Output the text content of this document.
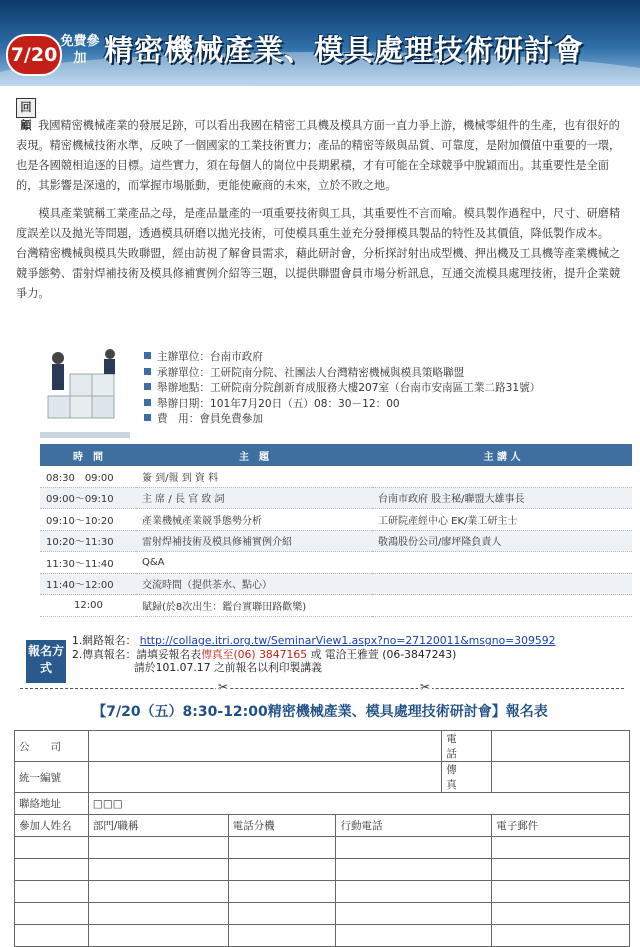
7/20
免費參加 精密機械產業、模具處理技術研討會

回顧 我國精密機械產業的發展足跡，可以看出我國在精密工具機及模具方面一直力爭上游，機械零組件的生產，也有很好的表現。精密機械技術水準，反映了一個國家的工業技術實力；產品的精密等級與品質、可靠度，是附加價值中重要的一環，也是各國競相追逐的目標。這些實力，須在每個人的崗位中長期累積，才有可能在全球競爭中脫穎而出。其重要性是全面的，其影響是深遠的，而掌握市場脈動，更能使廠商的未來，立於不敗之地。

模具產業號稱工業產品之母，是產品量產的一項重要技術與工具，其重要性不言而喻。模具製作過程中，尺寸、研磨精度誤差以及拋光等問題，透過模具研磨以拋光技術，可使模具重生並充分發揮模具製品的特性及其價值，降低製作成本。

台灣精密機械與模具失敗聯盟，經由訪視了解會員需求，藉此研討會，分析探討射出成型機、押出機及工具機等產業機械之競爭態勢、雷射焊補技術及模具修補實例介紹等三題，以提供聯盟會員市場分析訊息，互通交流模具處理技術，提升企業競爭力。

主辦單位：台南市政府
承辦單位：工研院南分院、社團法人台灣精密機械與模具策略聯盟
舉辦地點：工研院南分院創新育成服務大樓207室（台南市安南區工業二路31號）
舉辦日期：101年7月20日（五）08：30－12：00
費　用：會員免費參加
時　間	主　題	主 講 人
08:30　09:00	簽 到/報 到 資 料	
09:00～09:10	主 席 / 長 官 致 詞	台南市政府 股主秘/聯盟大雄事長
09:10～10:20	產業機械產業競爭態勢分析	工研院產經中心 EK/業工研主士
10:20～11:30	雷射焊補技術及模具修補實例介紹	敬鴻股份公司/廖坪隆負責人
11:30～11:40	Q&A	
11:40～12:00	交流時間（提供茶水、點心）	
12:00	賦歸(於8次出生：鑑台實聯田路歡樂)	
報名方式
1.網路報名： http://collage.itri.org.tw/SeminarView1.aspx?no=27120011&msgno=309592
2.傳真報名：請填妥報名表傳真至(06) 3847165 或 電洽王雅萱 (06-3847243)
請於101.07.17 之前報名以利印製講義
✂	✂
【7/20（五）8:30-12:00精密機械產業、模具處理技術研討會】報名表
公　　司				電　　話	
統一編號				傳　　真	
聯絡地址	□□□				
參加人姓名	部門/職稱	電話分機	行動電話		電子郵件
